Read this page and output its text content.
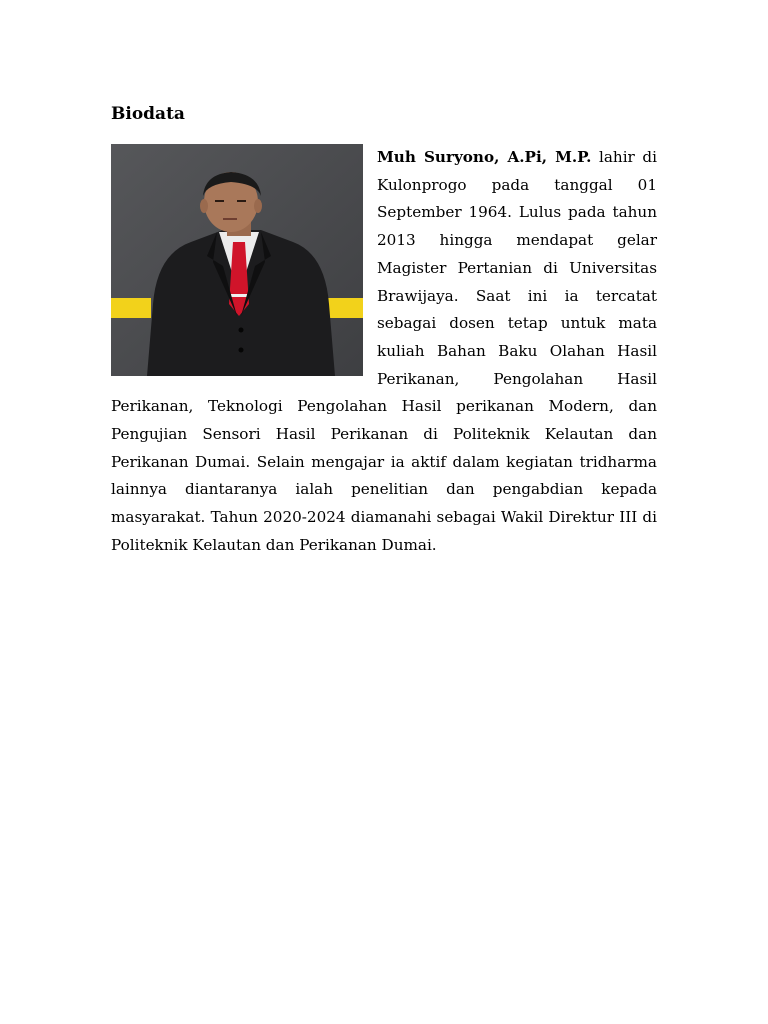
Biodata

Muh Suryono, A.Pi, M.P. lahir di Kulonprogo pada tanggal 01 September 1964. Lulus pada tahun 2013 hingga mendapat gelar Magister Pertanian di Universitas Brawijaya. Saat ini ia tercatat sebagai dosen tetap untuk mata kuliah Bahan Baku Olahan Hasil Perikanan, Pengolahan Hasil Perikanan, Teknologi Pengolahan Hasil perikanan Modern, dan Pengujian Sensori Hasil Perikanan di Politeknik Kelautan dan Perikanan Dumai. Selain mengajar ia aktif dalam kegiatan tridharma lainnya diantaranya ialah penelitian dan pengabdian kepada masyarakat. Tahun 2020-2024 diamanahi sebagai Wakil Direktur III di Politeknik Kelautan dan Perikanan Dumai.
